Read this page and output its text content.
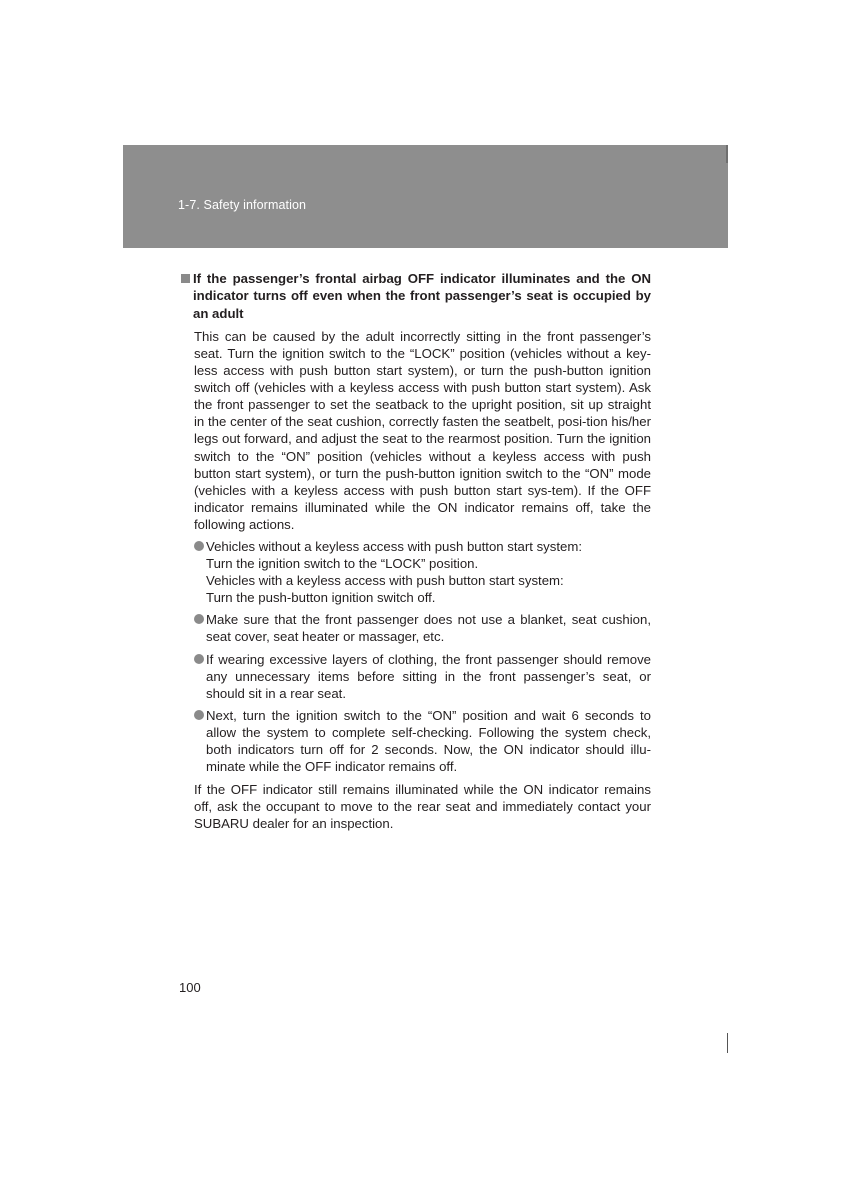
1-7. Safety information
If the passenger’s frontal airbag OFF indicator illuminates and the ON indicator turns off even when the front passenger’s seat is occupied by an adult

This can be caused by the adult incorrectly sitting in the front passenger’s seat. Turn the ignition switch to the “LOCK” position (vehicles without a key-less access with push button start system), or turn the push-button ignition switch off (vehicles with a keyless access with push button start system). Ask the front passenger to set the seatback to the upright position, sit up straight in the center of the seat cushion, correctly fasten the seatbelt, posi-tion his/her legs out forward, and adjust the seat to the rearmost position. Turn the ignition switch to the “ON” position (vehicles without a keyless access with push button start system), or turn the push-button ignition switch to the “ON” mode (vehicles with a keyless access with push button start sys-tem). If the OFF indicator remains illuminated while the ON indicator remains off, take the following actions.

Vehicles without a keyless access with push button start system:
Turn the ignition switch to the “LOCK” position.
Vehicles with a keyless access with push button start system:
Turn the push-button ignition switch off.
Make sure that the front passenger does not use a blanket, seat cushion, seat cover, seat heater or massager, etc.
If wearing excessive layers of clothing, the front passenger should remove any unnecessary items before sitting in the front passenger’s seat, or should sit in a rear seat.
Next, turn the ignition switch to the “ON” position and wait 6 seconds to allow the system to complete self-checking. Following the system check, both indicators turn off for 2 seconds. Now, the ON indicator should illu-minate while the OFF indicator remains off.

If the OFF indicator still remains illuminated while the ON indicator remains off, ask the occupant to move to the rear seat and immediately contact your SUBARU dealer for an inspection.

100
